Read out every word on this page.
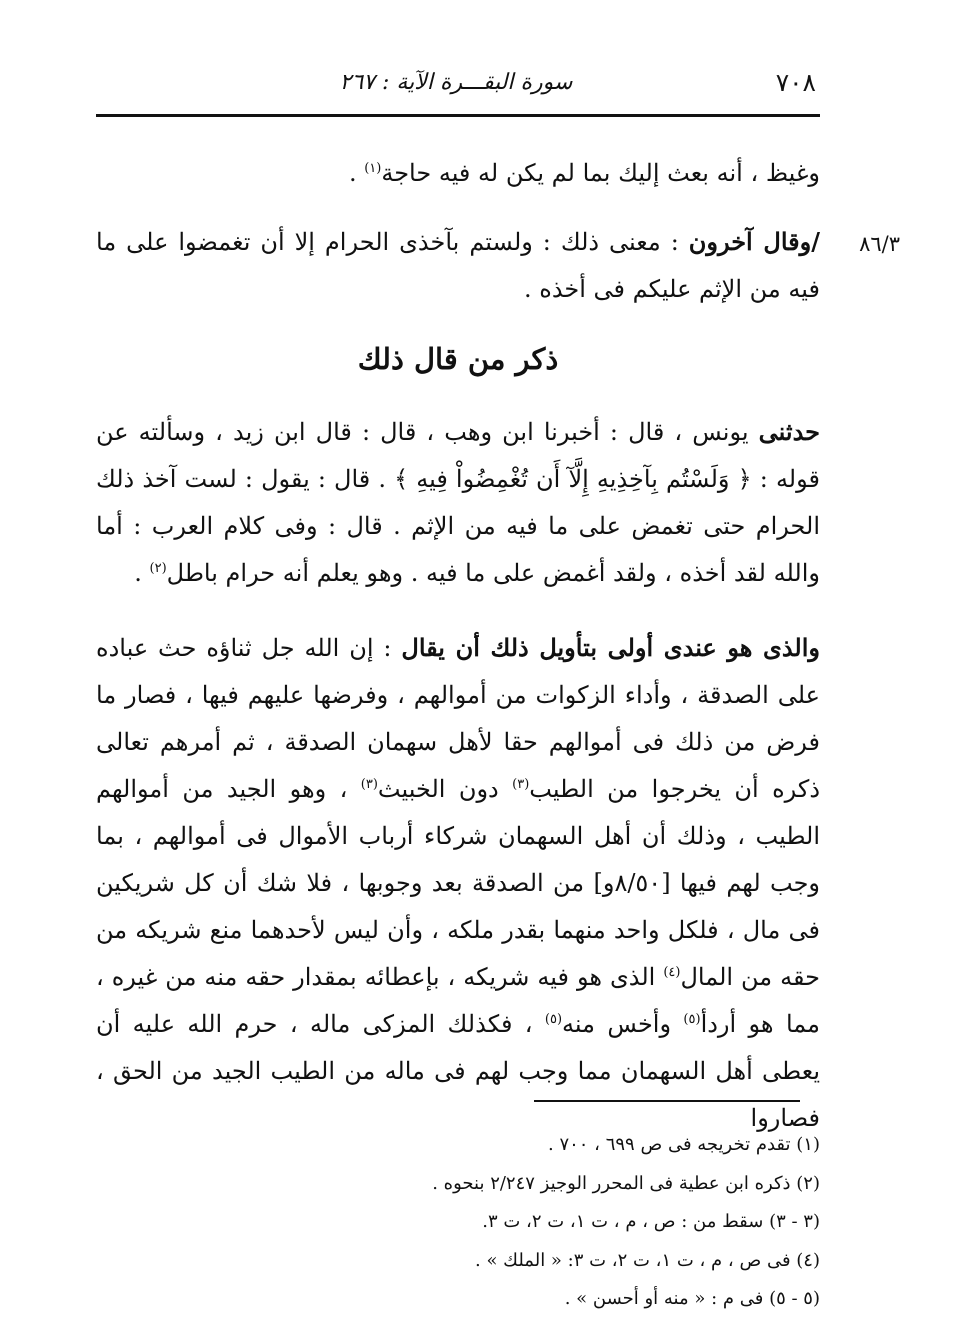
٧٠٨
سورة البقـــرة الآية : ٢٦٧
وغيظ ، أنه بعث إليك بما لم يكن له فيه حاجة$^{(١)}$ .
٨٦/٣
/وقال آخرون : معنى ذلك : ولستم بآخذى الحرام إلا أن تغمضوا على ما فيه من الإثم عليكم فى أخذه .
ذكر من قال ذلك
حدثنى يونس ، قال : أخبرنا ابن وهب ، قال : قال ابن زيد ، وسألته عن قوله : ﴿ وَلَسْتُم بِآخِذِيهِ إِلَّآ أَن تُغْمِضُواْ فِيهِ ﴾ . قال : يقول : لست آخذ ذلك الحرام حتى تغمض على ما فيه من الإثم . قال : وفى كلام العرب : أما والله لقد أخذه ، ولقد أغمض على ما فيه . وهو يعلم أنه حرام باطل$^{(٢)}$ .
والذى هو عندى أولى بتأويل ذلك أن يقال : إن الله جل ثناؤه حث عباده على الصدقة ، وأداء الزكوات من أموالهم ، وفرضها عليهم فيها ، فصار ما فرض من ذلك فى أموالهم حقا لأهل سهمان الصدقة ، ثم أمرهم تعالى ذكره أن يخرجوا من الطيب$^{(٣)}$ دون الخبيث$^{(٣)}$ ، وهو الجيد من أموالهم الطيب ، وذلك أن أهل السهمان شركاء أرباب الأموال فى أموالهم ، بما وجب لهم فيها [٨/٥٠و] من الصدقة بعد وجوبها ، فلا شك أن كل شريكين فى مال ، فلكل واحد منهما بقدر ملكه ، وأن ليس لأحدهما منع شريكه من حقه من المال$^{(٤)}$ الذى هو فيه شريكه ، بإعطائه بمقدار حقه منه من غيره ، مما هو أردأ$^{(٥)}$ وأخس منه$^{(٥)}$ ، فكذلك المزكى ماله ، حرم الله عليه أن يعطى أهل السهمان مما وجب لهم فى ماله من الطيب الجيد من الحق ، فصاروا
(١) تقدم تخريجه فى ص ٦٩٩ ، ٧٠٠ .
(٢) ذكره ابن عطية فى المحرر الوجيز ٢/٢٤٧ بنحوه .
(٣ - ٣) سقط من : ص ، م ، ت ١، ت ٢، ت ٣.
(٤) فى ص ، م ، ت ١، ت ٢، ت ٣: « الملك » .
(٥ - ٥) فى م : « منه أو أحسن » .
